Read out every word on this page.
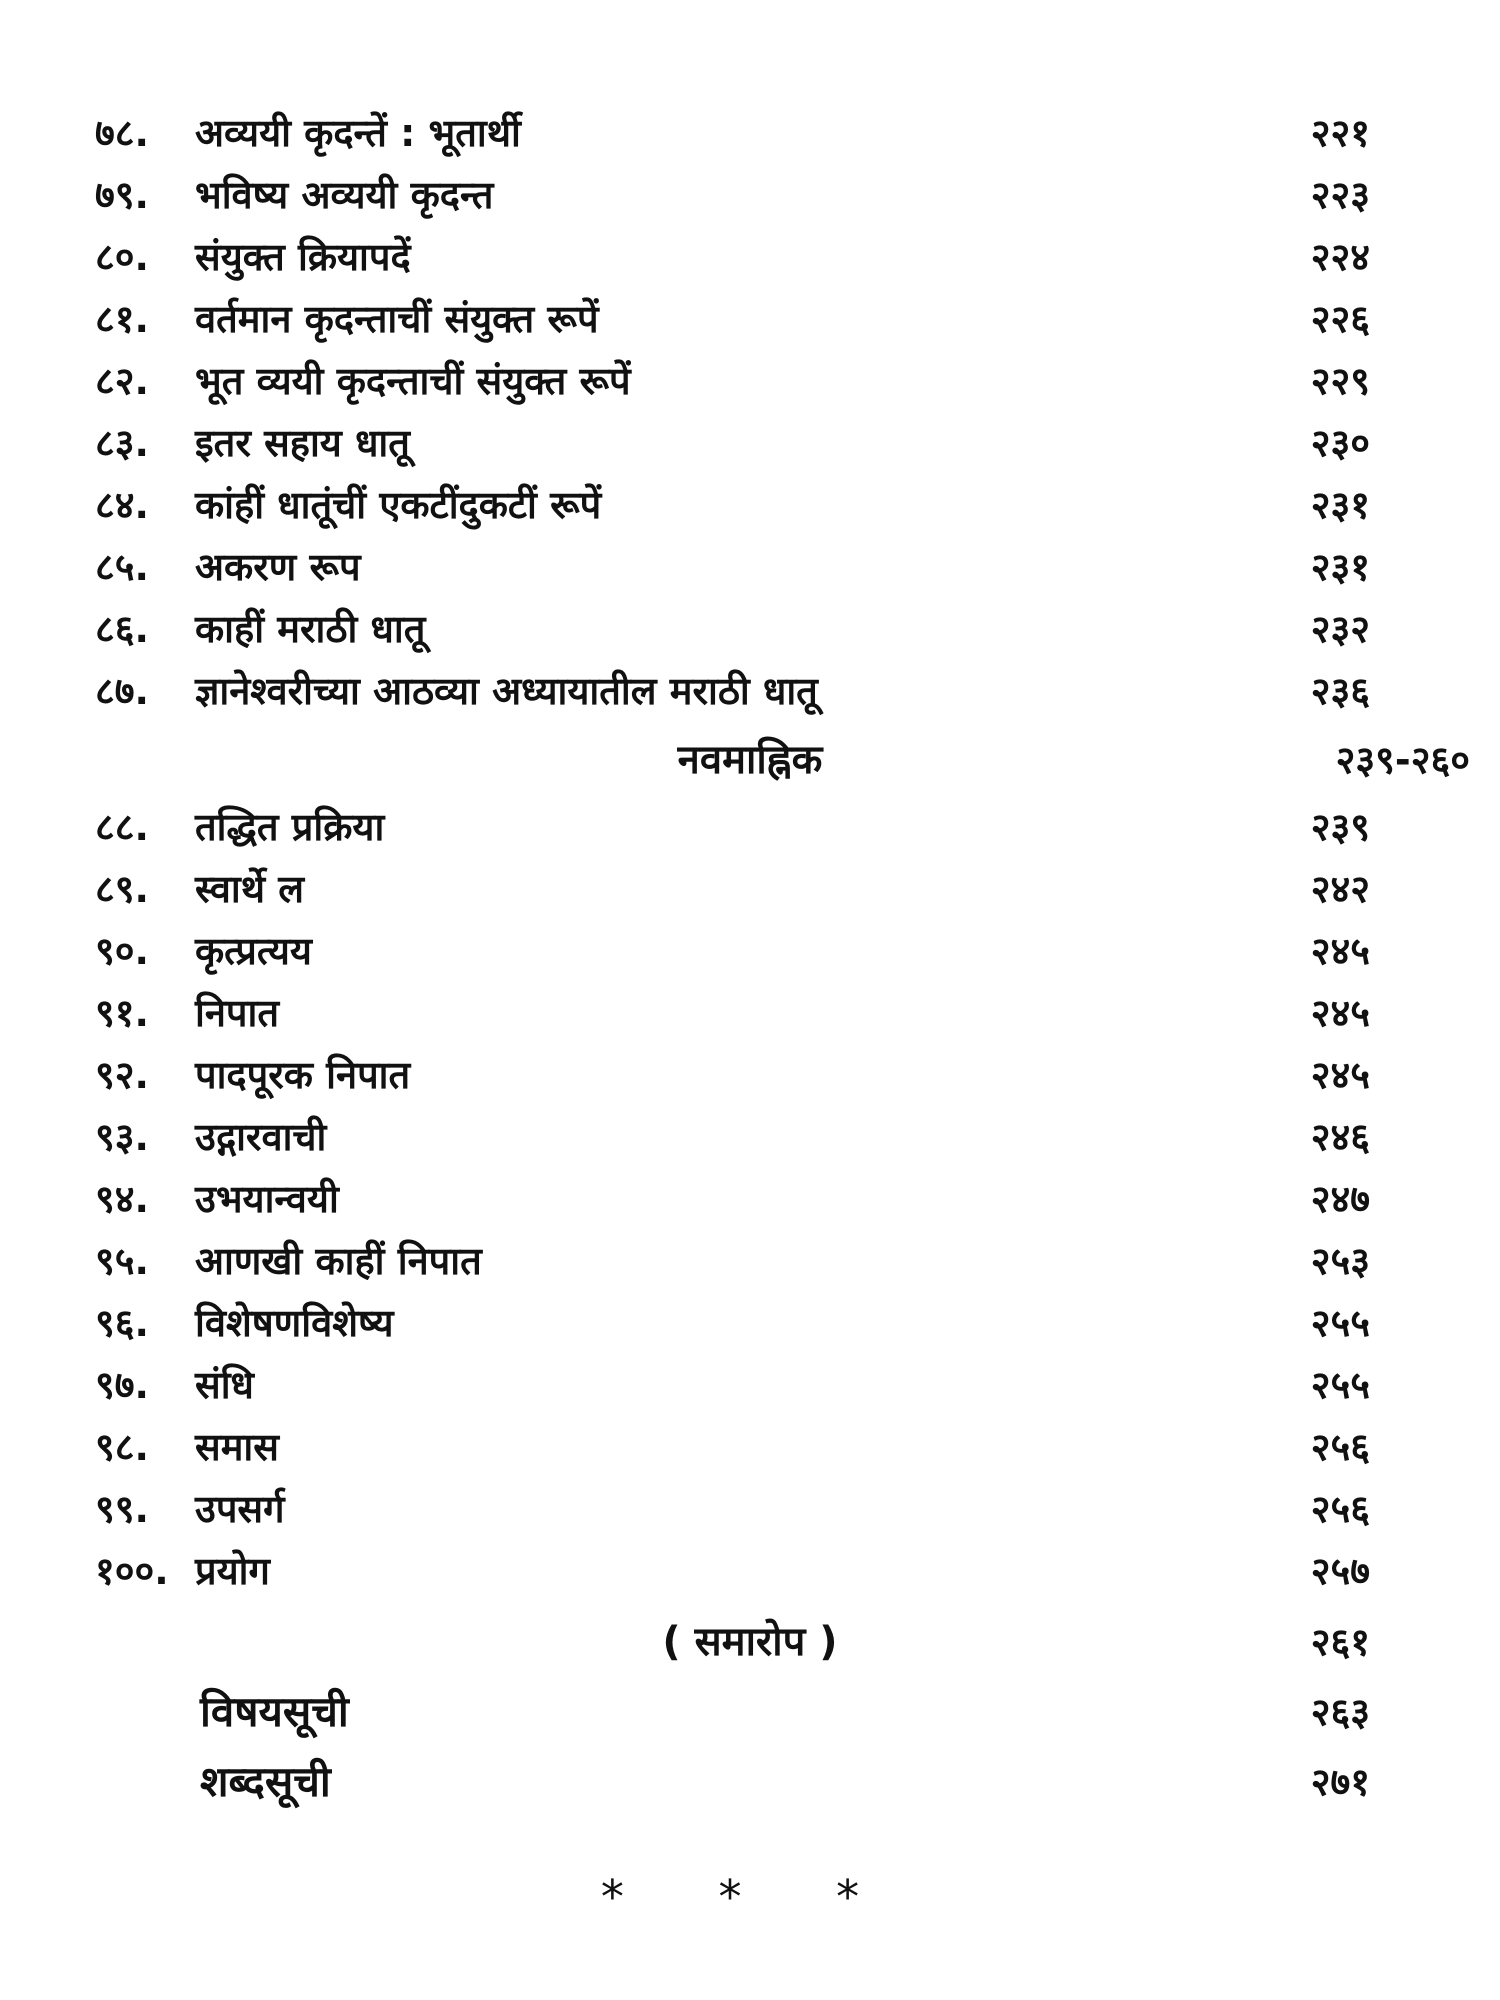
७८. अव्ययी कृदन्तें : भूतार्थी	२२१
७९. भविष्य अव्ययी कृदन्त	२२३
८०. संयुक्त क्रियापदें	२२४
८१. वर्तमान कृदन्ताचीं संयुक्त रूपें	२२६
८२. भूत व्ययी कृदन्ताचीं संयुक्त रूपें	२२९
८३. इतर सहाय धातू	२३०
८४. कांहीं धातूंचीं एकटींदुकटीं रूपें	२३१
८५. अकरण रूप	२३१
८६. काहीं मराठी धातू	२३२
८७. ज्ञानेश्वरीच्या आठव्या अध्यायातील मराठी धातू	२३६
नवमाह्निक	२३९-२६०
८८. तद्धित प्रक्रिया	२३९
८९. स्वार्थे ल	२४२
९०. कृत्प्रत्यय	२४५
९१. निपात	२४५
९२. पादपूरक निपात	२४५
९३. उद्गारवाची	२४६
९४. उभयान्वयी	२४७
९५. आणखी काहीं निपात	२५३
९६. विशेषणविशेष्य	२५५
९७. संधि	२५५
९८. समास	२५६
९९. उपसर्ग	२५६
१००. प्रयोग	२५७
( समारोप )	२६१
विषयसूची	२६३
शब्दसूची	२७१
* * *
